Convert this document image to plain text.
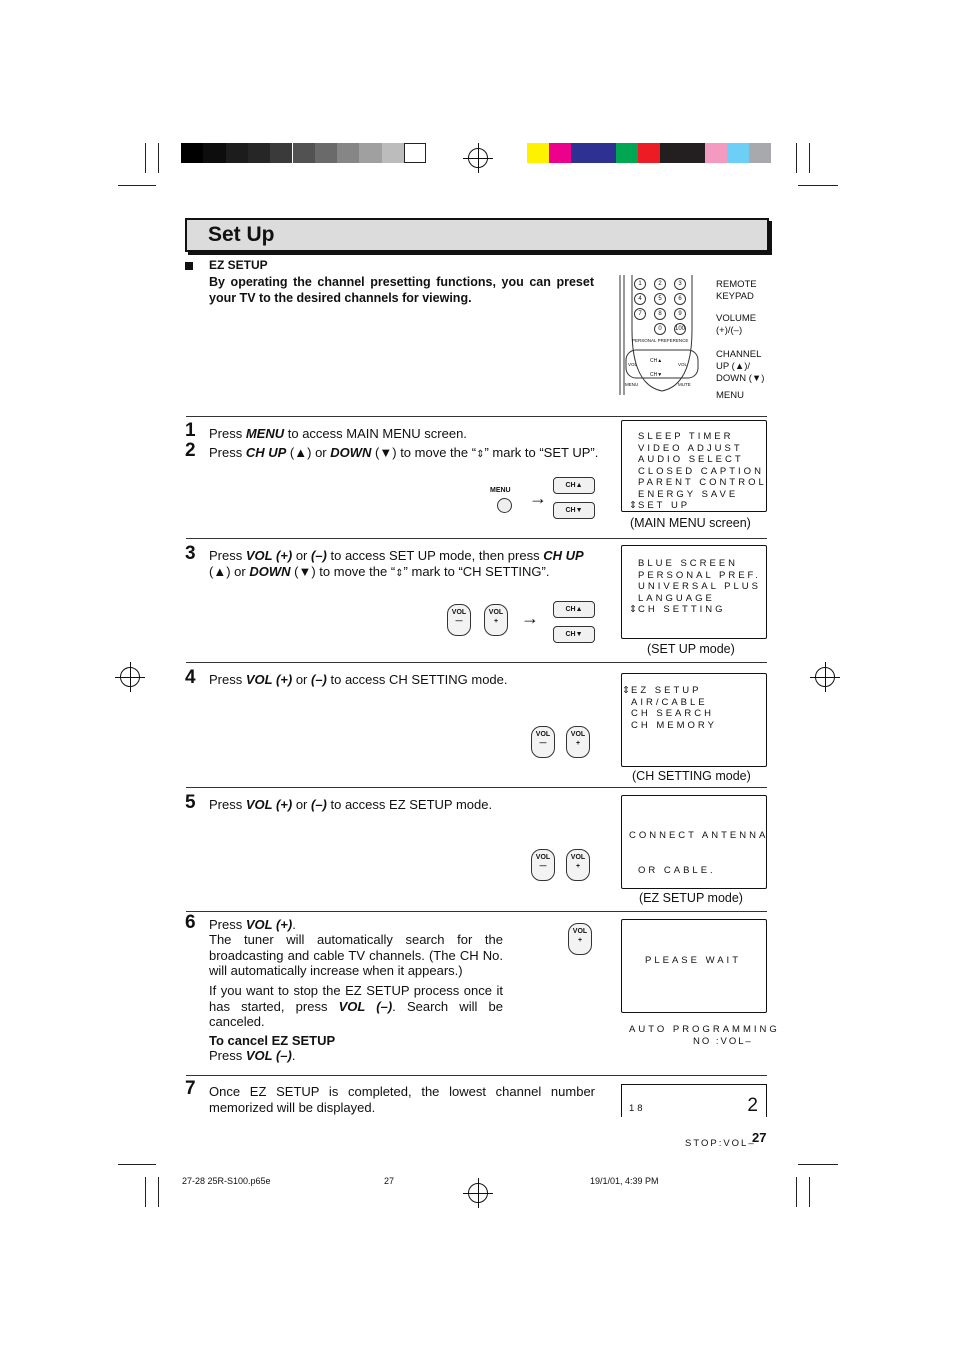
Set Up
EZ SETUP
By operating the channel presetting functions, you can preset your TV to the desired channels for viewing.
1	2	3
4	5	6
7	8	9
0	100
PERSONAL PREFERENCE
CH▲
CH▼
VOL	VOL
MENU	MUTE
REMOTE KEYPAD
VOLUME (+)/(–)
CHANNEL
UP (▲)/
DOWN (▼)
MENU
1
2
Press MENU to access MAIN MENU screen.
Press CH UP (▲) or DOWN (▼) to move the “⇕” mark to “SET UP”.
MENU →
CH▲
CH▼
SLEEP TIMER
VIDEO ADJUST
AUDIO SELECT
CLOSED CAPTION
PARENT CONTROL
ENERGY SAVE
⇕ SET UP
(MAIN MENU screen)
3 Press VOL (+) or (–) to access SET UP mode, then press CH UP (▲) or DOWN (▼) to move the “⇕” mark to “CH SETTING”.
VOL
—
VOL
+	→	CH▲
CH▼
BLUE SCREEN
PERSONAL PREF.
UNIVERSAL PLUS
LANGUAGE
⇕ CH SETTING
(SET UP mode)
4 Press VOL (+) or (–) to access CH SETTING mode.
VOL
—
VOL
+
⇕ EZ SETUP
AIR/CABLE
CH SEARCH
CH MEMORY
(CH SETTING mode)
5 Press VOL (+) or (–) to access EZ SETUP mode.
VOL
—
VOL
+

CONNECT ANTENNA

OR CABLE.

NO :VOL–

(EZ SETUP mode)
6 Press VOL (+).
The tuner will automatically search for the broadcasting and cable TV channels. (The CH No. will automatically increase when it appears.)
If you want to stop the EZ SETUP process once it has started, press VOL (–). Search will be canceled.
To cancel EZ SETUP
Press VOL (–).
VOL
+

PLEASE WAIT

AUTO PROGRAMMING

18

STOP:VOL–

7 Once EZ SETUP is completed, the lowest channel number memorized will be displayed.	2
27
27-28 25R-S100.p65e	27	19/1/01, 4:39 PM
